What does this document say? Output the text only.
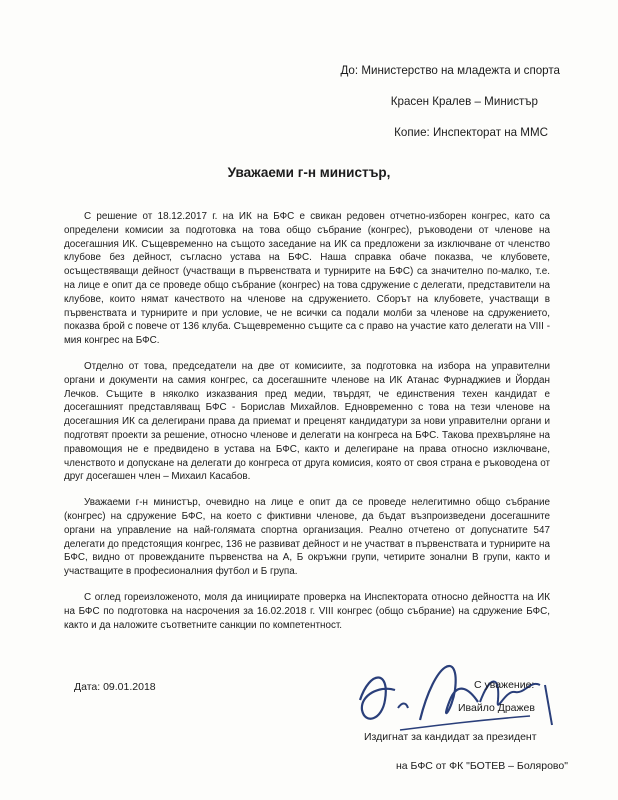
До: Министерство на младежта и спорта
Красен Кралев – Министър
Копие: Инспекторат на ММС
Уважаеми г-н министър,

С решение от 18.12.2017 г. на ИК на БФС е свикан редовен отчетно-изборен конгрес, като са определени комисии за подготовка на това общо събрание (конгрес), ръководени от членове на досегашния ИК. Същевременно на същото заседание на ИК са предложени за изключване от членство клубове без дейност, съгласно устава на БФС. Наша справка обаче показва, че клубовете, осъществяващи дейност (участващи в първенствата и турнирите на БФС) са значително по-малко, т.е. на лице е опит да се проведе общо събрание (конгрес) на това сдружение с делегати, представители на клубове, които нямат качеството на членове на сдружението. Сборът на клубовете, участващи в първенствата и турнирите и при условие, че не всички са подали молби за членове на сдружението, показва брой с повече от 136 клуба. Същевременно същите са с право на участие като делегати на VIII - мия конгрес на БФС.

Отделно от това, председатели на две от комисиите, за подготовка на избора на управителни органи и документи на самия конгрес, са досегашните членове на ИК Атанас Фурнаджиев и Йордан Лечков. Същите в няколко изказвания пред медии, твърдят, че единствения техен кандидат е досегашният представляващ БФС - Борислав Михайлов. Едновременно с това на тези членове на досегашния ИК са делегирани права да приемат и преценят кандидатури за нови управителни органи и подготвят проекти за решение, относно членове и делегати на конгреса на БФС. Такова прехвърляне на правомощия не е предвидено в устава на БФС, както и делегиране на права относно изключване, членството и допускане на делегати до конгреса от друга комисия, която от своя страна е ръководена от друг досегашен член – Михаил Касабов.

Уважаеми г-н министър, очевидно на лице е опит да се проведе нелегитимно общо събрание (конгрес) на сдружение БФС, на което с фиктивни членове, да бъдат възпроизведени досегашните органи на управление на най-голямата спортна организация. Реално отчетено от допуснатите 547 делегати до предстоящия конгрес, 136 не развиват дейност и не участват в първенствата и турнирите на БФС, видно от провежданите първенства на А, Б окръжни групи, четирите зонални В групи, както и участващите в професионалния футбол и Б група.

С оглед гореизложеното, моля да инициирате проверка на Инспектората относно дейността на ИК на БФС по подготовка на насрочения за 16.02.2018 г. VIII конгрес (общо събрание) на сдружение БФС, както и да наложите съответните санкции по компетентност.

Дата: 09.01.2018	С уважение:
Ивайло Дражев
Издигнат за кандидат за президент
на БФС от ФК "БОТЕВ – Болярово"
